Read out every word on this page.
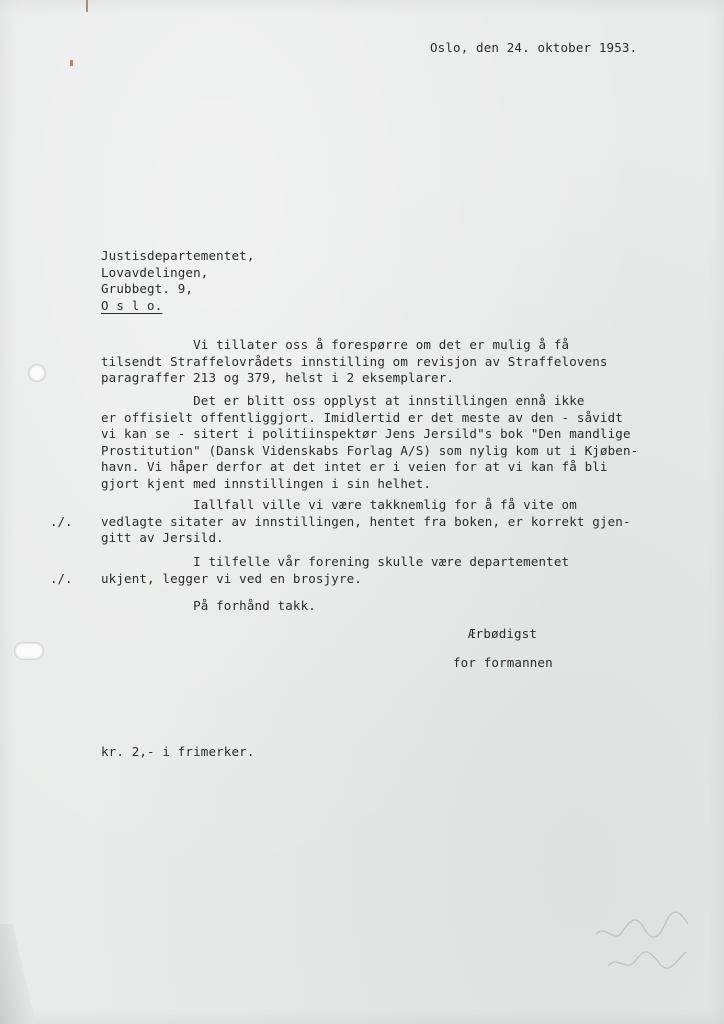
Oslo, den 24. oktober 1953.
Justisdepartementet,
Lovavdelingen,
Grubbegt. 9,
O s l o.
Vi tillater oss å forespørre om det er mulig å få
tilsendt Straffelovrådets innstilling om revisjon av Straffelovens
paragraffer 213 og 379, helst i 2 eksemplarer.
Det er blitt oss opplyst at innstillingen ennå ikke
er offisielt offentliggjort. Imidlertid er det meste av den - såvidt
vi kan se - sitert i politiinspektør Jens Jersild"s bok "Den mandlige
Prostitution" (Dansk Videnskabs Forlag A/S) som nylig kom ut i Kjøben-
havn. Vi håper derfor at det intet er i veien for at vi kan få bli
gjort kjent med innstillingen i sin helhet.
Iallfall ville vi være takknemlig for å få vite om
vedlagte sitater av innstillingen, hentet fra boken, er korrekt gjen-
gitt av Jersild.
./.
I tilfelle vår forening skulle være departementet
ukjent, legger vi ved en brosjyre.
./.
På forhånd takk.
Ærbødigst
for formannen
kr. 2,- i frimerker.
